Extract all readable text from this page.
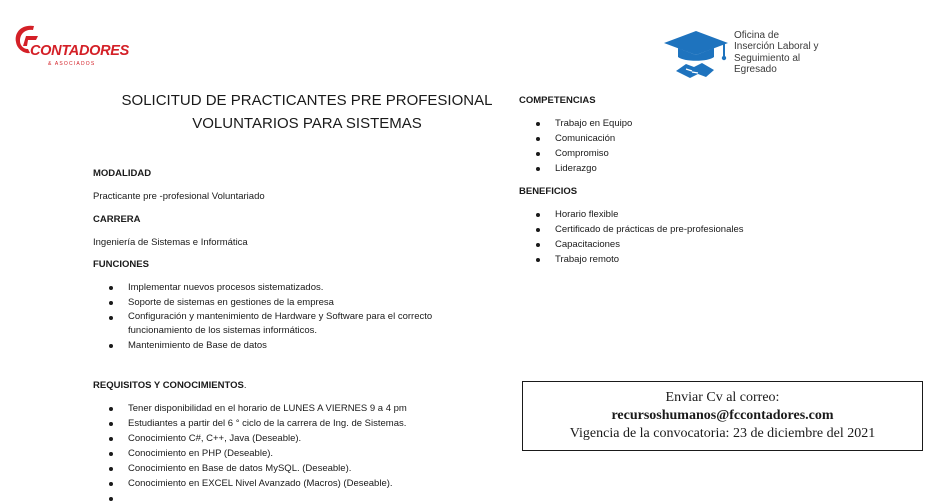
CONTADORES
& ASOCIADOS
Oficina de
Inserción Laboral y
Seguimiento al
Egresado
SOLICITUD DE PRACTICANTES PRE PROFESIONAL
VOLUNTARIOS PARA SISTEMAS
MODALIDAD
Practicante pre -profesional Voluntariado
CARRERA
Ingeniería de Sistemas e Informática
FUNCIONES
Implementar nuevos procesos sistematizados.
Soporte de sistemas en gestiones de la empresa
Configuración y mantenimiento de Hardware y Software para el correcto
funcionamiento de los sistemas informáticos.
Mantenimiento de Base de datos
REQUISITOS Y CONOCIMIENTOS.
Tener disponibilidad en el horario de LUNES A VIERNES 9 a 4 pm
Estudiantes a partir del 6 ° ciclo de la carrera de Ing. de Sistemas.
Conocimiento C#, C++, Java (Deseable).
Conocimiento en PHP (Deseable).
Conocimiento en Base de datos MySQL. (Deseable).
Conocimiento en EXCEL Nivel Avanzado (Macros) (Deseable).
COMPETENCIAS
Trabajo en Equipo
Comunicación
Compromiso
Liderazgo
BENEFICIOS
Horario flexible
Certificado de prácticas de pre-profesionales
Capacitaciones
Trabajo remoto
Enviar Cv al correo:
recursoshumanos@fccontadores.com
Vigencia de la convocatoria: 23 de diciembre del 2021
